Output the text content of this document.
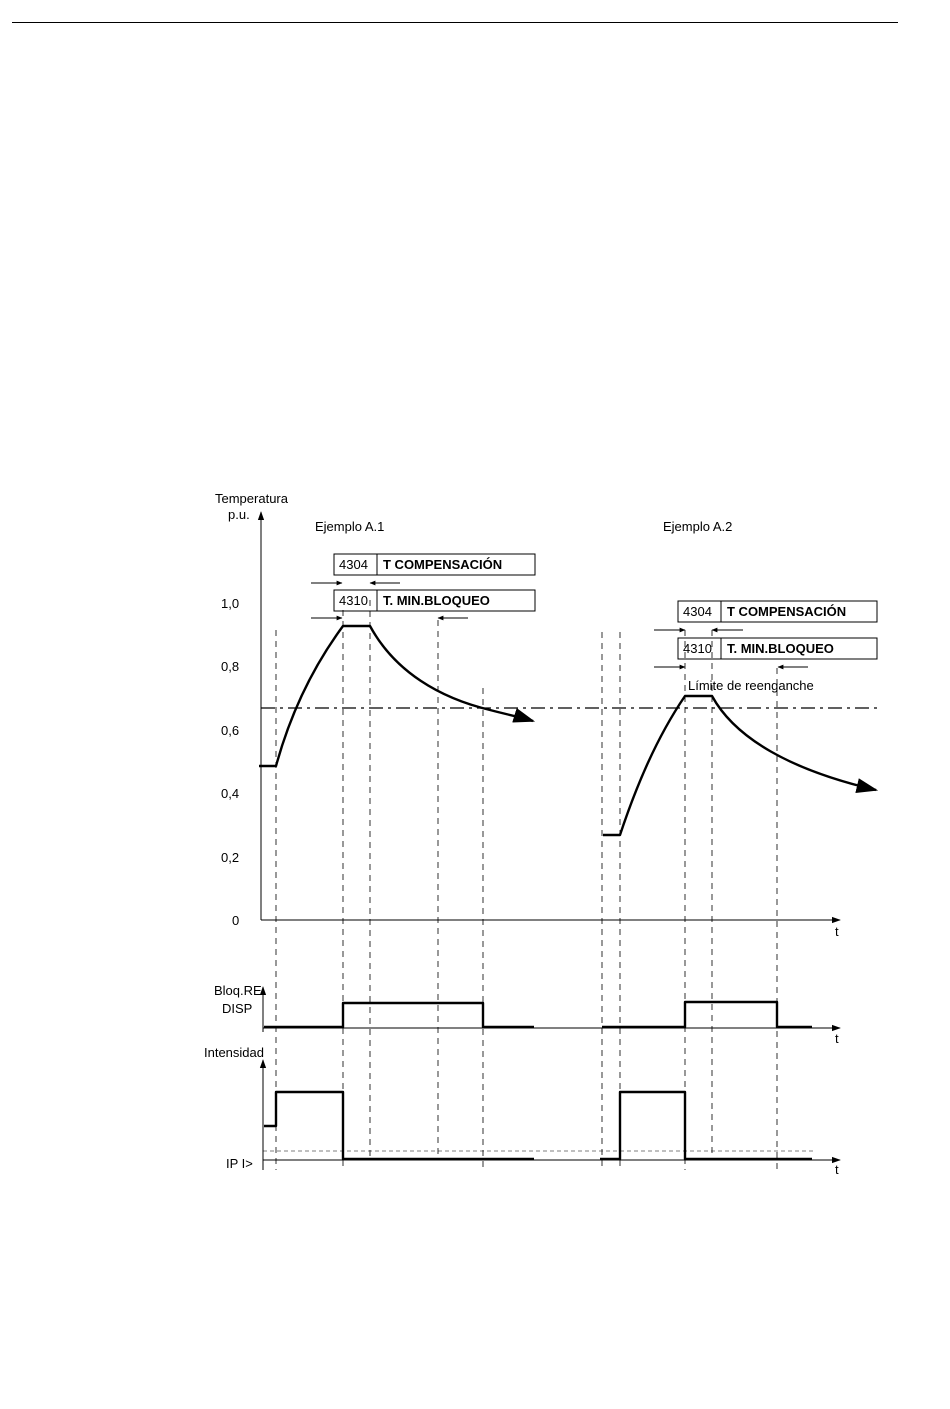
Temperatura
p.u.
1,0
0,8
0,6
0,4
0,2
0
t
Ejemplo A.1	Ejemplo A.2
4304 T COMPENSACIÓN
4310 T. MIN.BLOQUEO
4304 T COMPENSACIÓN
4310 T. MIN.BLOQUEO
Límite de reenganche
Bloq.RE
DISP
t
Intensidad
IP I>	t
